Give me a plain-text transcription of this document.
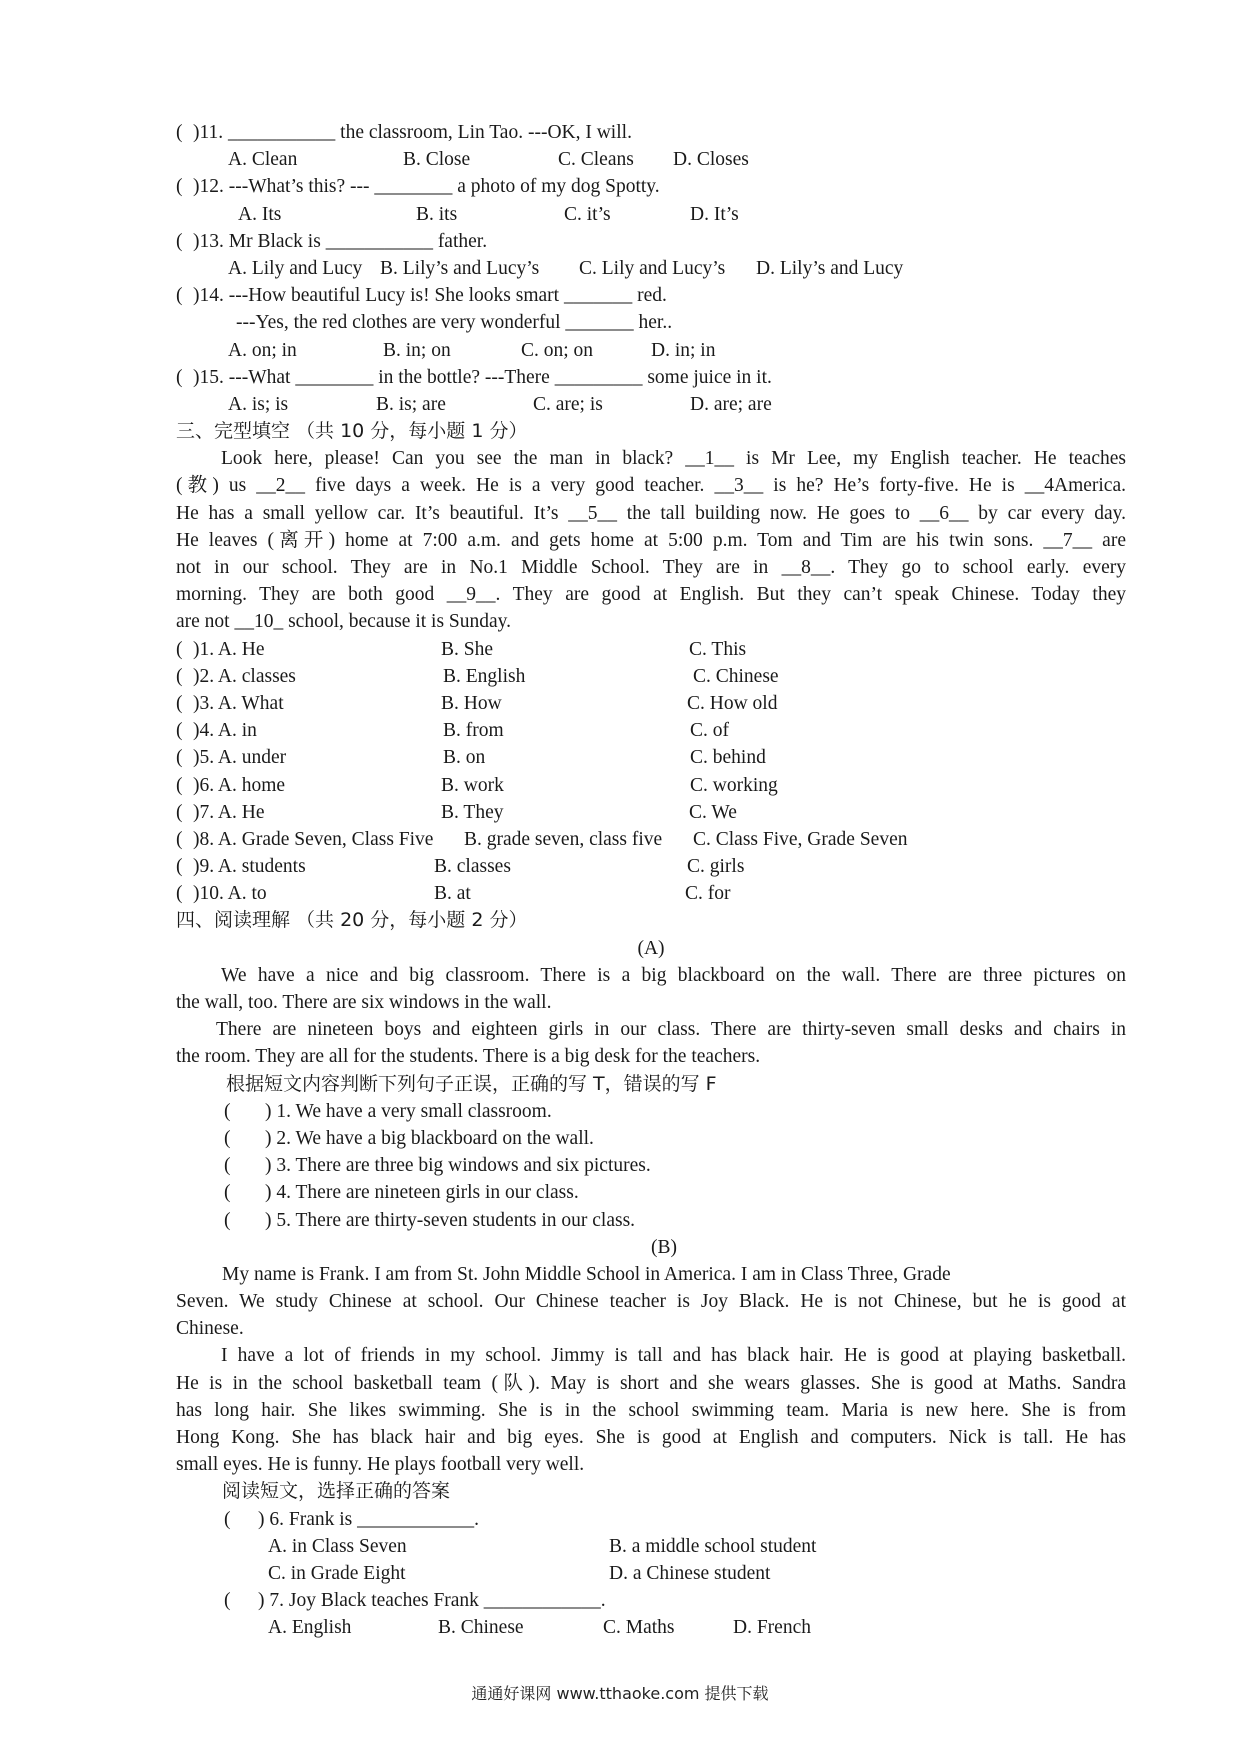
( )11. ___________ the classroom, Lin Tao. ---OK, I will.
A. Clean	B. Close	C. Cleans D. Closes
( )12. ---What’s this? --- ________ a photo of my dog Spotty.
A. Its	B. its	C. it’s	D. It’s
( )13. Mr Black is ___________ father.
A. Lily and Lucy B. Lily’s and Lucy’s C. Lily and Lucy’s D. Lily’s and Lucy
( )14. ---How beautiful Lucy is! She looks smart _______ red.
---Yes, the red clothes are very wonderful _______ her..
A. on; in	B. in; on	C. on; on	D. in; in
( )15. ---What ________ in the bottle? ---There _________ some juice in it.
A. is; is	B. is; are	C. are; is	D. are; are
三、完型填空 （共 10 分，每小题 1 分）
Look here, please! Can you see the man in black? __1__ is Mr Lee, my English teacher. He teaches
(教) us __2__ five days a week. He is a very good teacher. __3__ is he? He’s forty-five. He is __4America.
He has a small yellow car. It’s beautiful. It’s __5__ the tall building now. He goes to __6__ by car every day.
He leaves (离开) home at 7:00 a.m. and gets home at 5:00 p.m. Tom and Tim are his twin sons. __7__ are
not in our school. They are in No.1 Middle School. They are in __8__. They go to school early. every
morning. They are both good __9__. They are good at English. But they can’t speak Chinese. Today they
are not __10_ school, because it is Sunday.
( )1. A. He	B. She	C. This
( )2. A. classes	B. English	C. Chinese
( )3. A. What	B. How	C. How old
( )4. A. in	B. from	C. of
( )5. A. under	B. on	C. behind
( )6. A. home	B. work	C. working
( )7. A. He	B. They	C. We
( )8. A. Grade Seven, Class Five B. grade seven, class five C. Class Five, Grade Seven
( )9. A. students	B. classes	C. girls
( )10. A. to	B. at	C. for
四、阅读理解 （共 20 分，每小题 2 分）
(A)
We have a nice and big classroom. There is a big blackboard on the wall. There are three pictures on
the wall, too. There are six windows in the wall.
There are nineteen boys and eighteen girls in our class. There are thirty-seven small desks and chairs in
the room. They are all for the students. There is a big desk for the teachers.
根据短文内容判断下列句子正误，正确的写 T，错误的写 F
( ) 1. We have a very small classroom.
( ) 2. We have a big blackboard on the wall.
( ) 3. There are three big windows and six pictures.
( ) 4. There are nineteen girls in our class.
( ) 5. There are thirty-seven students in our class.
(B)
My name is Frank. I am from St. John Middle School in America. I am in Class Three, Grade
Seven. We study Chinese at school. Our Chinese teacher is Joy Black. He is not Chinese, but he is good at
Chinese.
I have a lot of friends in my school. Jimmy is tall and has black hair. He is good at playing basketball.
He is in the school basketball team (队). May is short and she wears glasses. She is good at Maths. Sandra
has long hair. She likes swimming. She is in the school swimming team. Maria is new here. She is from
Hong Kong. She has black hair and big eyes. She is good at English and computers. Nick is tall. He has
small eyes. He is funny. He plays football very well.
阅读短文，选择正确的答案
( ) 6. Frank is ____________.
A. in Class Seven	B. a middle school student
C. in Grade Eight	D. a Chinese student
( ) 7. Joy Black teaches Frank ____________.
A. English	B. Chinese	C. Maths	D. French
通通好课网 www.tthaoke.com 提供下载
